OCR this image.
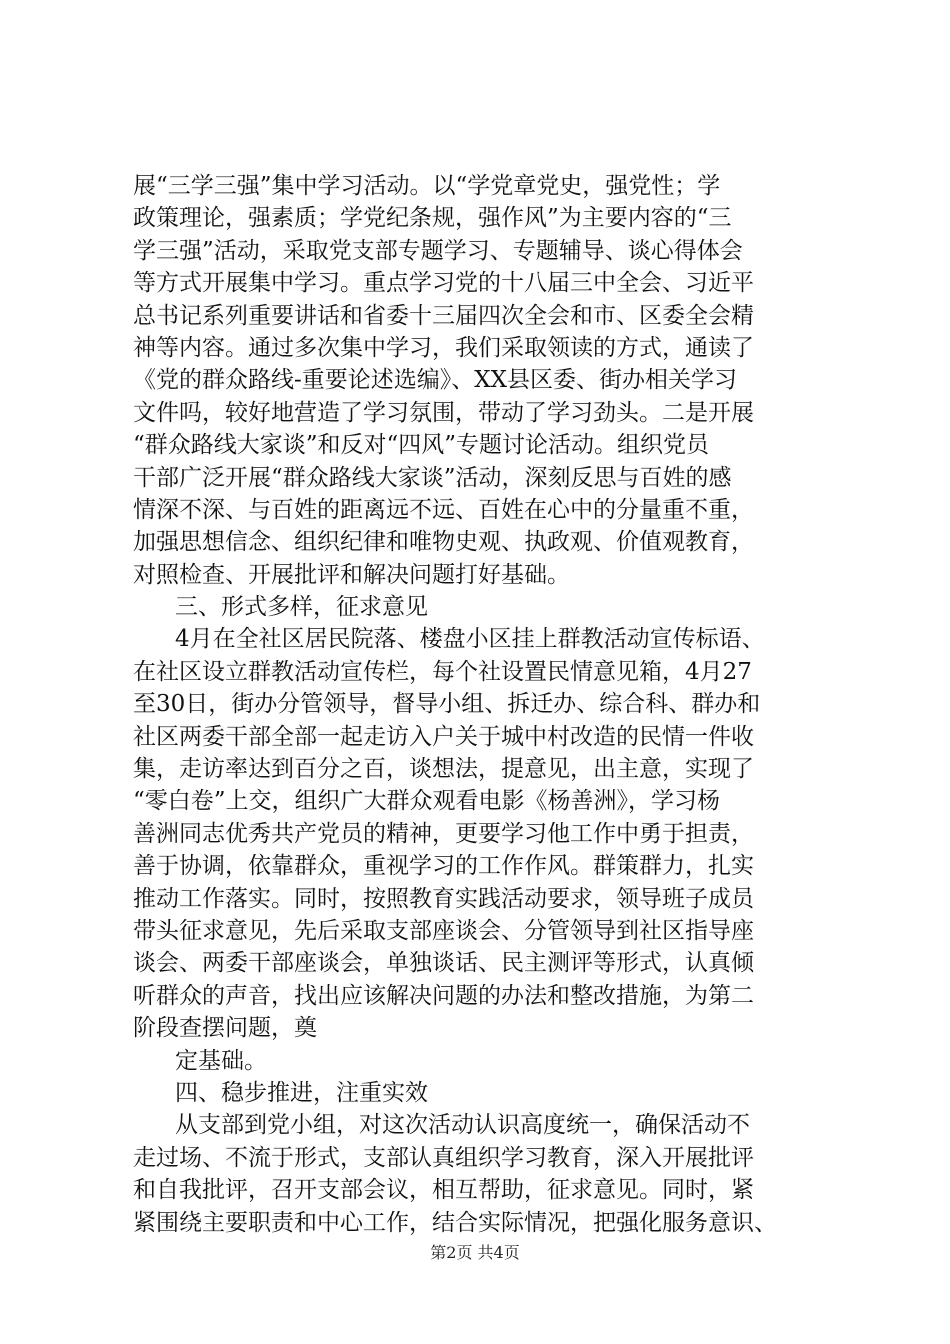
展“三学三强”集中学习活动。以“学党章党史，强党性；学
政策理论，强素质；学党纪条规，强作风”为主要内容的“三
学三强”活动，采取党支部专题学习、专题辅导、谈心得体会
等方式开展集中学习。重点学习党的十八届三中全会、习近平
总书记系列重要讲话和省委十三届四次全会和市、区委全会精
神等内容。通过多次集中学习，我们采取领读的方式，通读了
《党的群众路线-重要论述选编》、XX县区委、街办相关学习
文件吗，较好地营造了学习氛围，带动了学习劲头。二是开展
“群众路线大家谈”和反对“四风”专题讨论活动。组织党员
干部广泛开展“群众路线大家谈”活动，深刻反思与百姓的感
情深不深、与百姓的距离远不远、百姓在心中的分量重不重，
加强思想信念、组织纪律和唯物史观、执政观、价值观教育，
对照检查、开展批评和解决问题打好基础。
三、形式多样，征求意见
4月在全社区居民院落、楼盘小区挂上群教活动宣传标语、
在社区设立群教活动宣传栏，每个社设置民情意见箱，4月27
至30日，街办分管领导，督导小组、拆迁办、综合科、群办和
社区两委干部全部一起走访入户关于城中村改造的民情一件收
集，走访率达到百分之百，谈想法，提意见，出主意，实现了
“零白卷”上交，组织广大群众观看电影《杨善洲》，学习杨
善洲同志优秀共产党员的精神，更要学习他工作中勇于担责，
善于协调，依靠群众，重视学习的工作作风。群策群力，扎实
推动工作落实。同时，按照教育实践活动要求，领导班子成员
带头征求意见，先后采取支部座谈会、分管领导到社区指导座
谈会、两委干部座谈会，单独谈话、民主测评等形式，认真倾
听群众的声音，找出应该解决问题的办法和整改措施，为第二
阶段查摆问题，奠
定基础。
四、稳步推进，注重实效
从支部到党小组，对这次活动认识高度统一，确保活动不
走过场、不流于形式，支部认真组织学习教育，深入开展批评
和自我批评，召开支部会议，相互帮助，征求意见。同时，紧
紧围绕主要职责和中心工作，结合实际情况，把强化服务意识、
第2页 共4页
